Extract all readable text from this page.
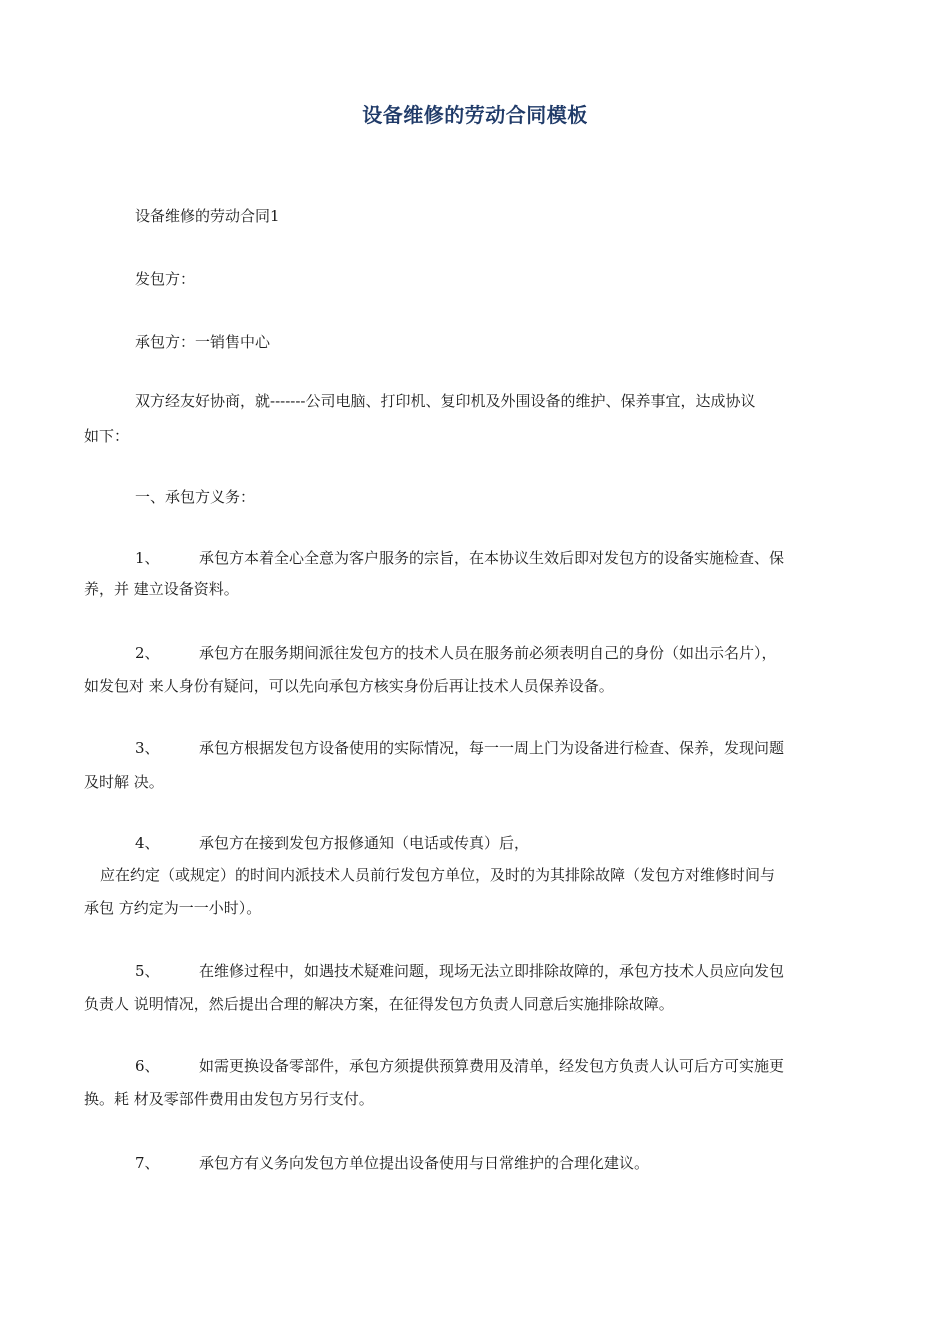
设备维修的劳动合同模板
设备维修的劳动合同1
发包方：
承包方：一销售中心
双方经友好协商，就-------公司电脑、打印机、复印机及外围设备的维护、保养事宜，达成协议
如下：
一、承包方义务：
1、	承包方本着全心全意为客户服务的宗旨，在本协议生效后即对发包方的设备实施检查、保
养，并 建立设备资料。
2、	承包方在服务期间派往发包方的技术人员在服务前必须表明自己的身份（如出示名片），
如发包对 来人身份有疑问，可以先向承包方核实身份后再让技术人员保养设备。
3、	承包方根据发包方设备使用的实际情况，每一一周上门为设备进行检查、保养，发现问题
及时解 决。
4、	承包方在接到发包方报修通知（电话或传真）后，
应在约定（或规定）的时间内派技术人员前行发包方单位，及时的为其排除故障（发包方对维修时间与
承包 方约定为一一小时）。
5、	在维修过程中，如遇技术疑难问题，现场无法立即排除故障的，承包方技术人员应向发包
负责人 说明情况，然后提出合理的解决方案，在征得发包方负责人同意后实施排除故障。
6、	如需更换设备零部件，承包方须提供预算费用及清单，经发包方负责人认可后方可实施更
换。耗 材及零部件费用由发包方另行支付。
7、	承包方有义务向发包方单位提出设备使用与日常维护的合理化建议。
